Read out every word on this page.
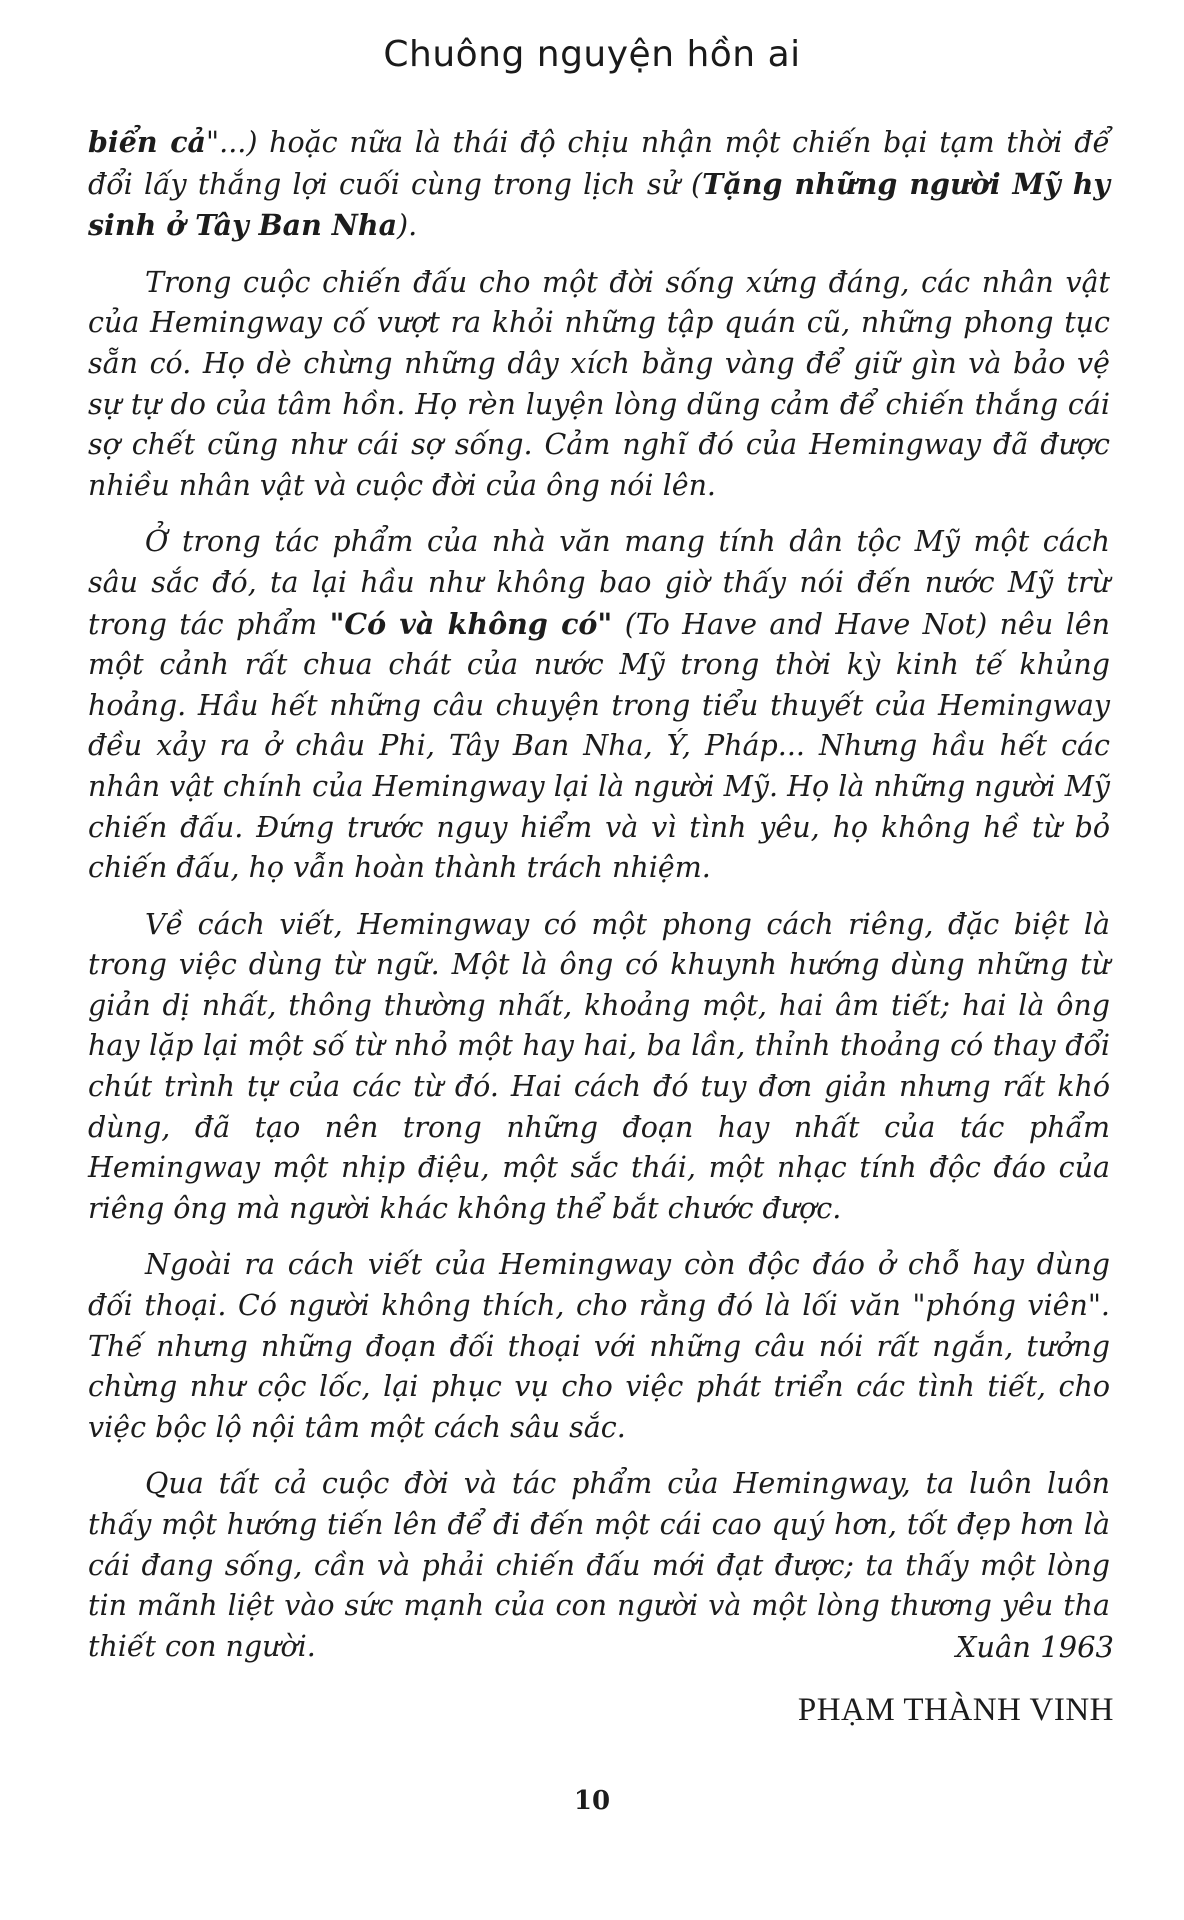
Chuông nguyện hồn ai

biển cả"...) hoặc nữa là thái độ chịu nhận một chiến bại tạm thời để đổi lấy thắng lợi cuối cùng trong lịch sử (Tặng những người Mỹ hy sinh ở Tây Ban Nha).

Trong cuộc chiến đấu cho một đời sống xứng đáng, các nhân vật của Hemingway cố vượt ra khỏi những tập quán cũ, những phong tục sẵn có. Họ dè chừng những dây xích bằng vàng để giữ gìn và bảo vệ sự tự do của tâm hồn. Họ rèn luyện lòng dũng cảm để chiến thắng cái sợ chết cũng như cái sợ sống. Cảm nghĩ đó của Hemingway đã được nhiều nhân vật và cuộc đời của ông nói lên.

Ở trong tác phẩm của nhà văn mang tính dân tộc Mỹ một cách sâu sắc đó, ta lại hầu như không bao giờ thấy nói đến nước Mỹ trừ trong tác phẩm "Có và không có" (To Have and Have Not) nêu lên một cảnh rất chua chát của nước Mỹ trong thời kỳ kinh tế khủng hoảng. Hầu hết những câu chuyện trong tiểu thuyết của Hemingway đều xảy ra ở châu Phi, Tây Ban Nha, Ý, Pháp... Nhưng hầu hết các nhân vật chính của Hemingway lại là người Mỹ. Họ là những người Mỹ chiến đấu. Đứng trước nguy hiểm và vì tình yêu, họ không hề từ bỏ chiến đấu, họ vẫn hoàn thành trách nhiệm.

Về cách viết, Hemingway có một phong cách riêng, đặc biệt là trong việc dùng từ ngữ. Một là ông có khuynh hướng dùng những từ giản dị nhất, thông thường nhất, khoảng một, hai âm tiết; hai là ông hay lặp lại một số từ nhỏ một hay hai, ba lần, thỉnh thoảng có thay đổi chút trình tự của các từ đó. Hai cách đó tuy đơn giản nhưng rất khó dùng, đã tạo nên trong những đoạn hay nhất của tác phẩm Hemingway một nhịp điệu, một sắc thái, một nhạc tính độc đáo của riêng ông mà người khác không thể bắt chước được.

Ngoài ra cách viết của Hemingway còn độc đáo ở chỗ hay dùng đối thoại. Có người không thích, cho rằng đó là lối văn "phóng viên". Thế nhưng những đoạn đối thoại với những câu nói rất ngắn, tưởng chừng như cộc lốc, lại phục vụ cho việc phát triển các tình tiết, cho việc bộc lộ nội tâm một cách sâu sắc.

Qua tất cả cuộc đời và tác phẩm của Hemingway, ta luôn luôn thấy một hướng tiến lên để đi đến một cái cao quý hơn, tốt đẹp hơn là cái đang sống, cần và phải chiến đấu mới đạt được; ta thấy một lòng tin mãnh liệt vào sức mạnh của con người và một lòng thương yêu tha thiết con người.	Xuân 1963
PHẠM THÀNH VINH
10
